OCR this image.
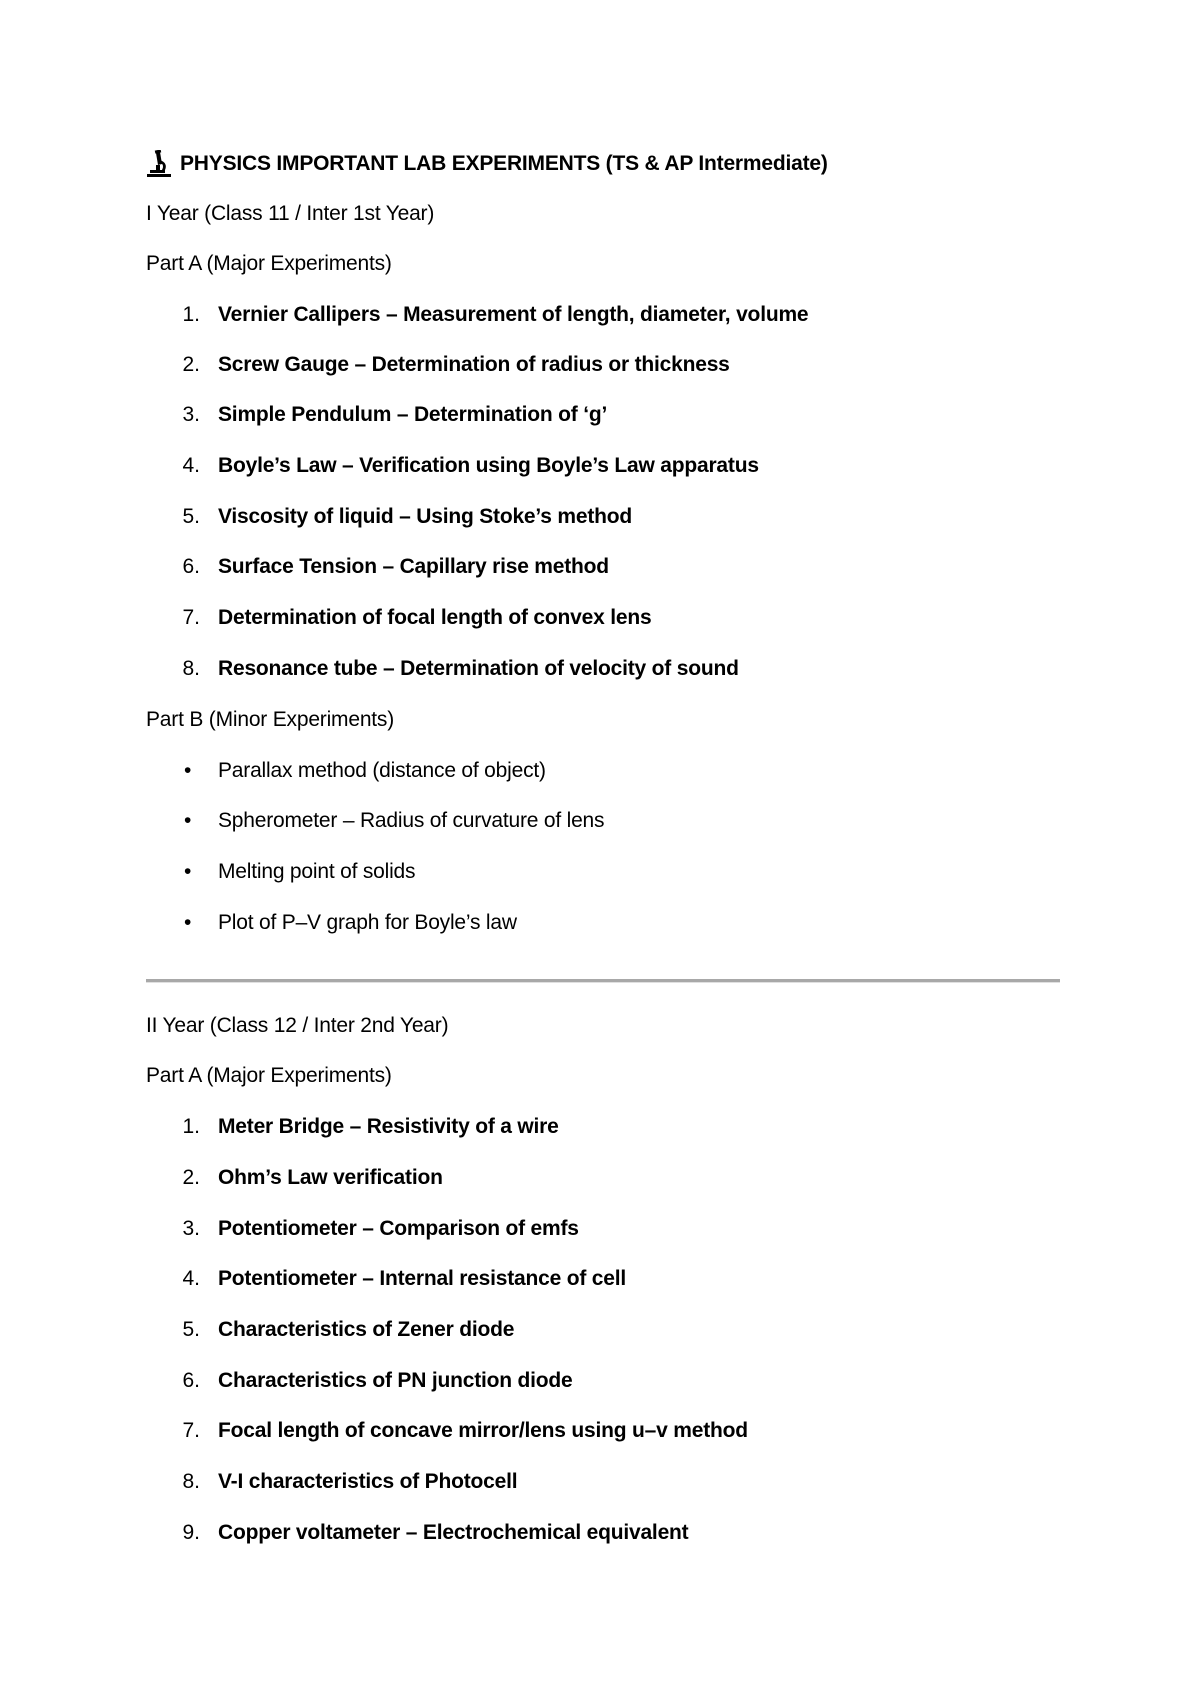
PHYSICS IMPORTANT LAB EXPERIMENTS (TS & AP Intermediate)
I Year (Class 11 / Inter 1st Year)
Part A (Major Experiments)
1. Vernier Callipers – Measurement of length, diameter, volume
2. Screw Gauge – Determination of radius or thickness
3. Simple Pendulum – Determination of ‘g’
4. Boyle’s Law – Verification using Boyle’s Law apparatus
5. Viscosity of liquid – Using Stoke’s method
6. Surface Tension – Capillary rise method
7. Determination of focal length of convex lens
8. Resonance tube – Determination of velocity of sound
Part B (Minor Experiments)
• Parallax method (distance of object)
• Spherometer – Radius of curvature of lens
• Melting point of solids
• Plot of P–V graph for Boyle’s law
II Year (Class 12 / Inter 2nd Year)
Part A (Major Experiments)
1. Meter Bridge – Resistivity of a wire
2. Ohm’s Law verification
3. Potentiometer – Comparison of emfs
4. Potentiometer – Internal resistance of cell
5. Characteristics of Zener diode
6. Characteristics of PN junction diode
7. Focal length of concave mirror/lens using u–v method
8. V-I characteristics of Photocell
9. Copper voltameter – Electrochemical equivalent
